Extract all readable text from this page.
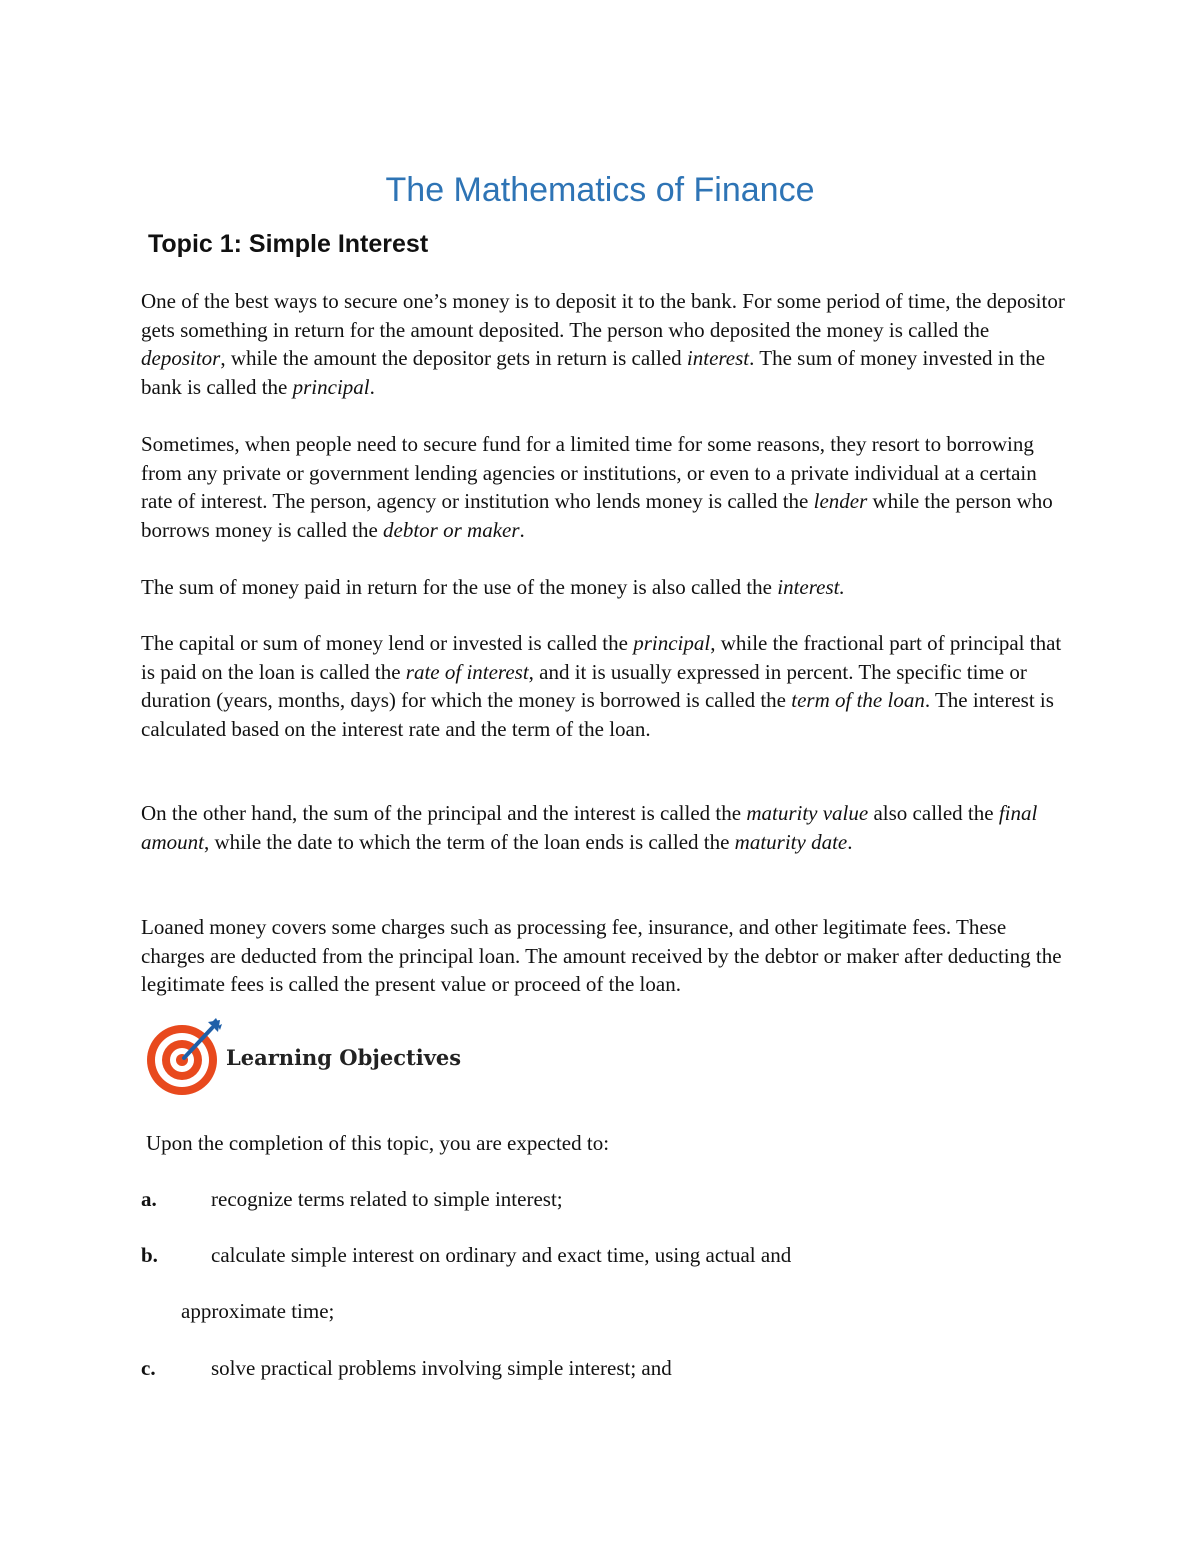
The Mathematics of Finance
Topic 1: Simple Interest

One of the best ways to secure one’s money is to deposit it to the bank. For some period of time, the depositor gets something in return for the amount deposited. The person who deposited the money is called the depositor, while the amount the depositor gets in return is called interest. The sum of money invested in the bank is called the principal.

Sometimes, when people need to secure fund for a limited time for some reasons, they resort to borrowing from any private or government lending agencies or institutions, or even to a private individual at a certain rate of interest. The person, agency or institution who lends money is called the lender while the person who borrows money is called the debtor or maker.

The sum of money paid in return for the use of the money is also called the interest.

The capital or sum of money lend or invested is called the principal, while the fractional part of principal that is paid on the loan is called the rate of interest, and it is usually expressed in percent. The specific time or duration (years, months, days) for which the money is borrowed is called the term of the loan. The interest is calculated based on the interest rate and the term of the loan.

On the other hand, the sum of the principal and the interest is called the maturity value also called the final amount, while the date to which the term of the loan ends is called the maturity date.

Loaned money covers some charges such as processing fee, insurance, and other legitimate fees. These charges are deducted from the principal loan. The amount received by the debtor or maker after deducting the legitimate fees is called the present value or proceed of the loan.

Learning Objectives
Upon the completion of this topic, you are expected to:
a.	recognize terms related to simple interest;
b.	calculate simple interest on ordinary and exact time, using actual and
approximate time;
c.	solve practical problems involving simple interest; and
